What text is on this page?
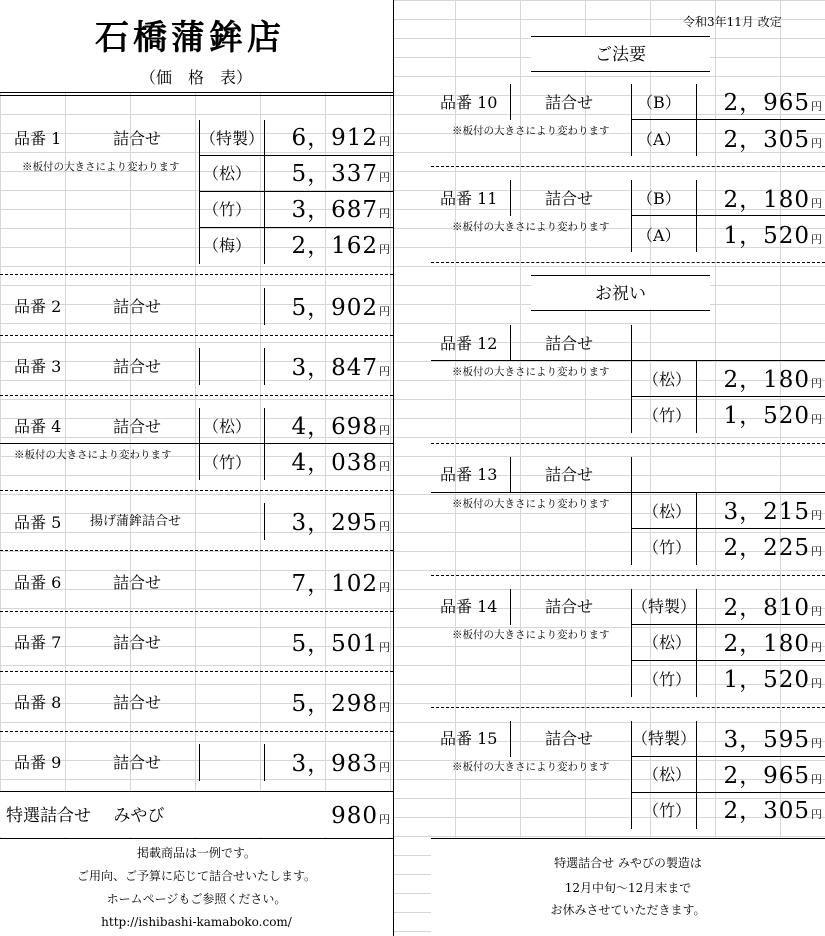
石橋蒲鉾店
（価　格　表）
品番 1	詰合せ
※板付の大きさにより変わります
（特製）	6，912円
（松）	5，337円
（竹）	3，687円
（梅）	2，162円
品番 2	詰合せ	5，902円
品番 3	詰合せ	3，847円
品番 4	詰合せ	（松）	4，698円
※板付の大きさにより変わります （竹）	4，038円
品番 5 揚げ蒲鉾詰合せ	3，295円
品番 6	詰合せ	7，102円
品番 7	詰合せ	5，501円
品番 8	詰合せ	5，298円
品番 9	詰合せ	3，983円
特選詰合せ　 みやび	980円
掲載商品は一例です。
ご用向、ご予算に応じて詰合せいたします。
ホームページもご参照ください。
http://ishibashi-kamaboko.com/
令和3年11月 改定
ご法要
品番 10	詰合せ	（B）	2，965円
※板付の大きさにより変わります （A）	2，305円
品番 11	詰合せ	（B）	2，180円
※板付の大きさにより変わります （A）	1，520円
お祝い
品番 12	詰合せ
※板付の大きさにより変わります （松）	2，180円
（竹）	1，520円
品番 13	詰合せ
※板付の大きさにより変わります （松）	3，215円
（竹）	2，225円
品番 14	詰合せ （特製）	2，810円
※板付の大きさにより変わります （松）	2，180円
（竹）	1，520円
品番 15	詰合せ （特製）	3，595円
※板付の大きさにより変わります （松）	2，965円
（竹）	2，305円
特選詰合せ みやびの製造は
12月中旬～12月末まで
お休みさせていただきます。
